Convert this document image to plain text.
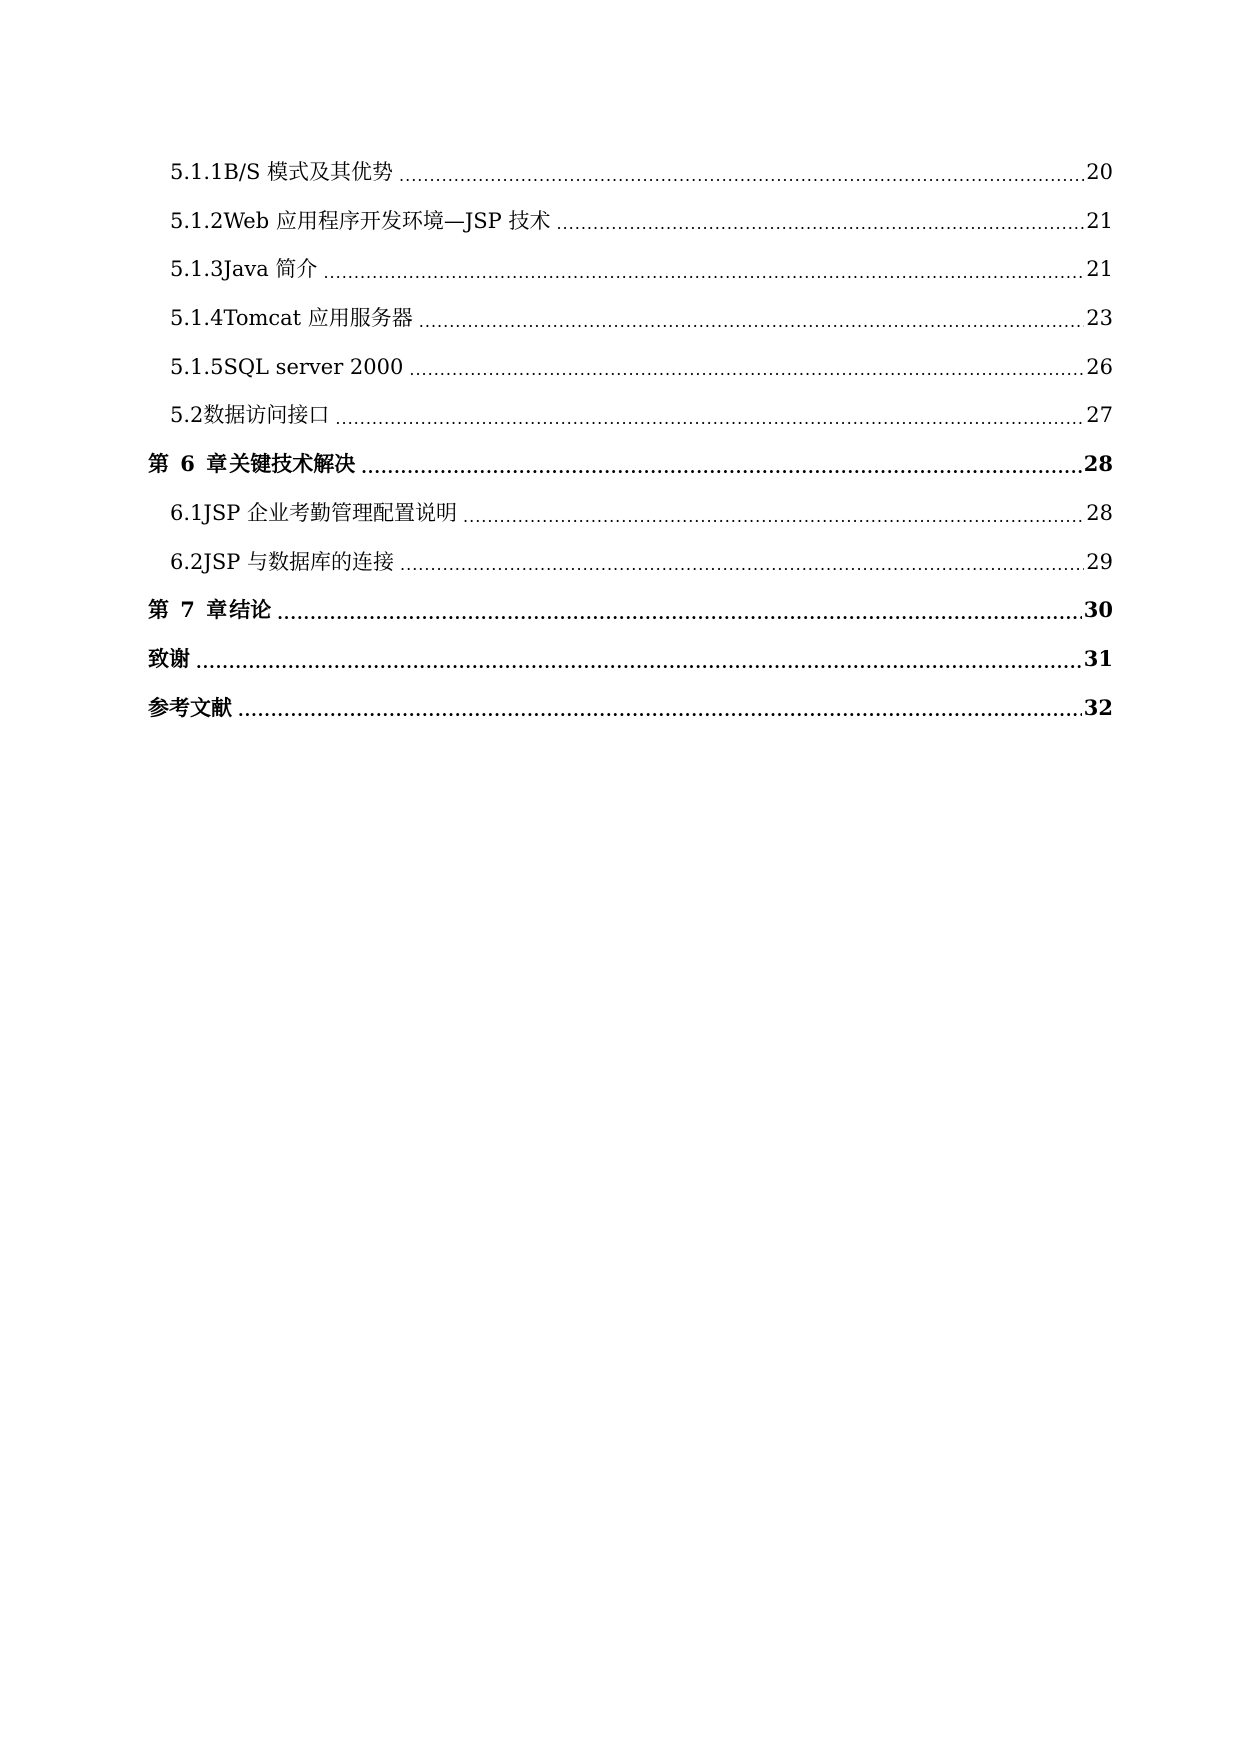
5.1.1 B/S 模式及其优势 .....	20
5.1.2 Web 应用程序开发环境—JSP 技术 .....	21
5.1.3 Java 简介 .....	21
5.1.4 Tomcat 应用服务器 .....	23
5.1.5 SQL server 2000 .....	26
5.2 数据访问接口 .....	27
第 6 章 关键技术解决 .....	28
6.1 JSP 企业考勤管理配置说明 .....	28
6.2 JSP 与数据库的连接 .....	29
第 7 章 结论 .....	30
致谢 .....	31
参考文献 .....	32
